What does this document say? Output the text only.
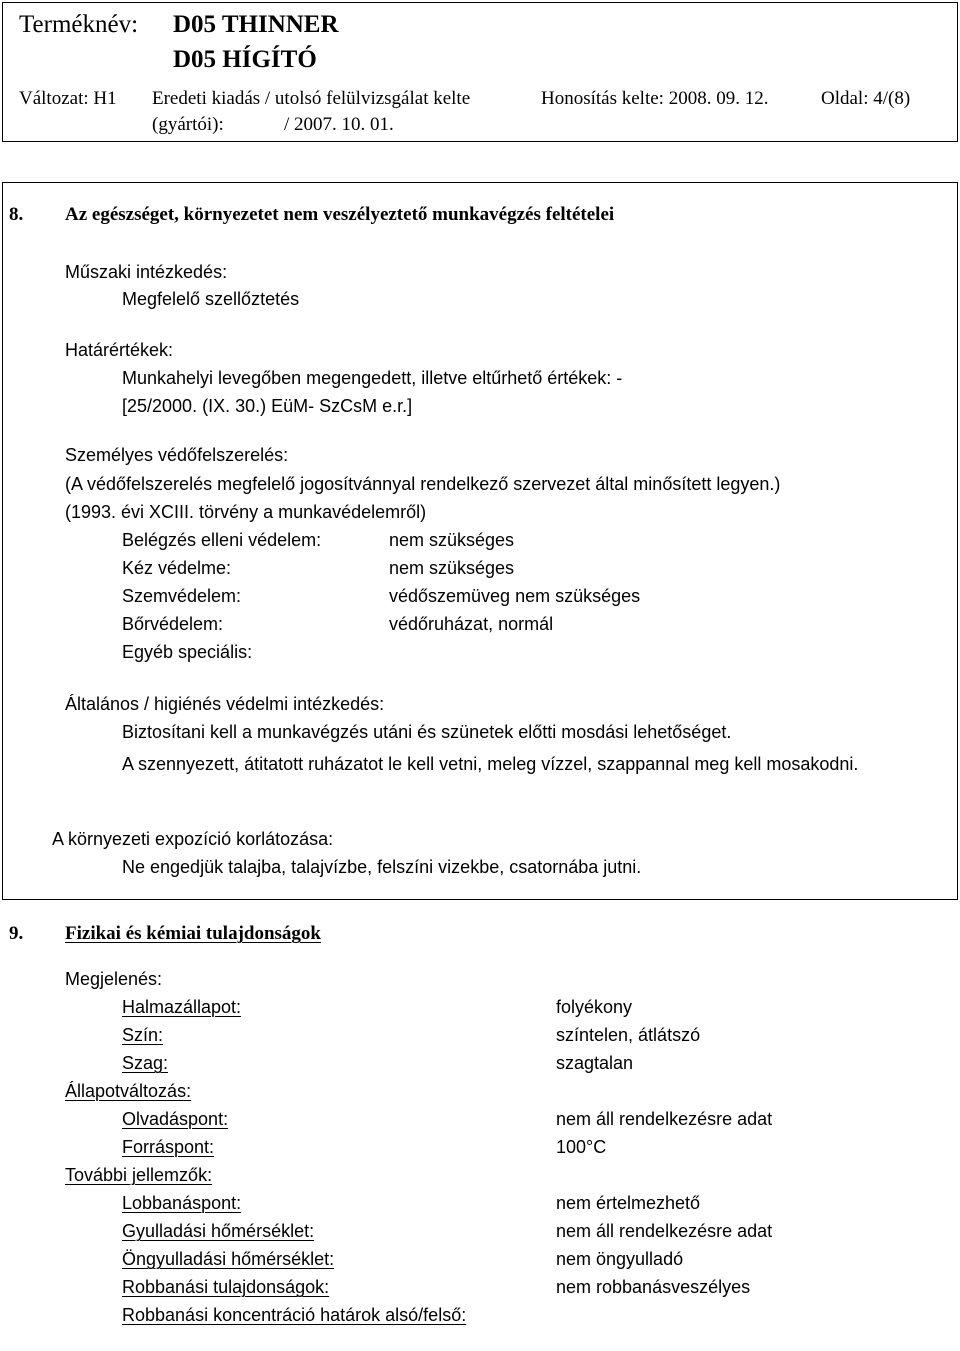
Terméknév: D05 THINNER
D05 HÍGÍTÓ
Változat: H1 Eredeti kiadás / utolsó felülvizsgálat kelte
(gyártói):	/ 2007. 10. 01.
Honosítás kelte: 2008. 09. 12.	Oldal: 4/(8)
8. Az egészséget, környezetet nem veszélyeztető munkavégzés feltételei
Műszaki intézkedés:
Megfelelő szellőztetés
Határértékek:
Munkahelyi levegőben megengedett, illetve eltűrhető értékek: -
[25/2000. (IX. 30.) EüM- SzCsM e.r.]
Személyes védőfelszerelés:
(A védőfelszerelés megfelelő jogosítvánnyal rendelkező szervezet által minősített legyen.)
(1993. évi XCIII. törvény a munkavédelemről)
Belégzés elleni védelem:	nem szükséges
Kéz védelme:	nem szükséges
Szemvédelem:	védőszemüveg nem szükséges
Bőrvédelem:	védőruházat, normál
Egyéb speciális:
Általános / higiénés védelmi intézkedés:
Biztosítani kell a munkavégzés utáni és szünetek előtti mosdási lehetőséget.
A szennyezett, átitatott ruházatot le kell vetni, meleg vízzel, szappannal meg kell mosakodni.
A környezeti expozíció korlátozása:
Ne engedjük talajba, talajvízbe, felszíni vizekbe, csatornába jutni.
9. Fizikai és kémiai tulajdonságok
Megjelenés:
Halmazállapot:	folyékony
Szín:	színtelen, átlátszó
Szag:	szagtalan
Állapotváltozás:
Olvadáspont:	nem áll rendelkezésre adat
Forráspont:	100°C
További jellemzők:
Lobbanáspont:	nem értelmezhető
Gyulladási hőmérséklet:	nem áll rendelkezésre adat
Öngyulladási hőmérséklet:	nem öngyullad​ó
Robbanási tulajdonságok:	nem robbanásveszélyes
Robbanási koncentráció határok alsó/felső:
